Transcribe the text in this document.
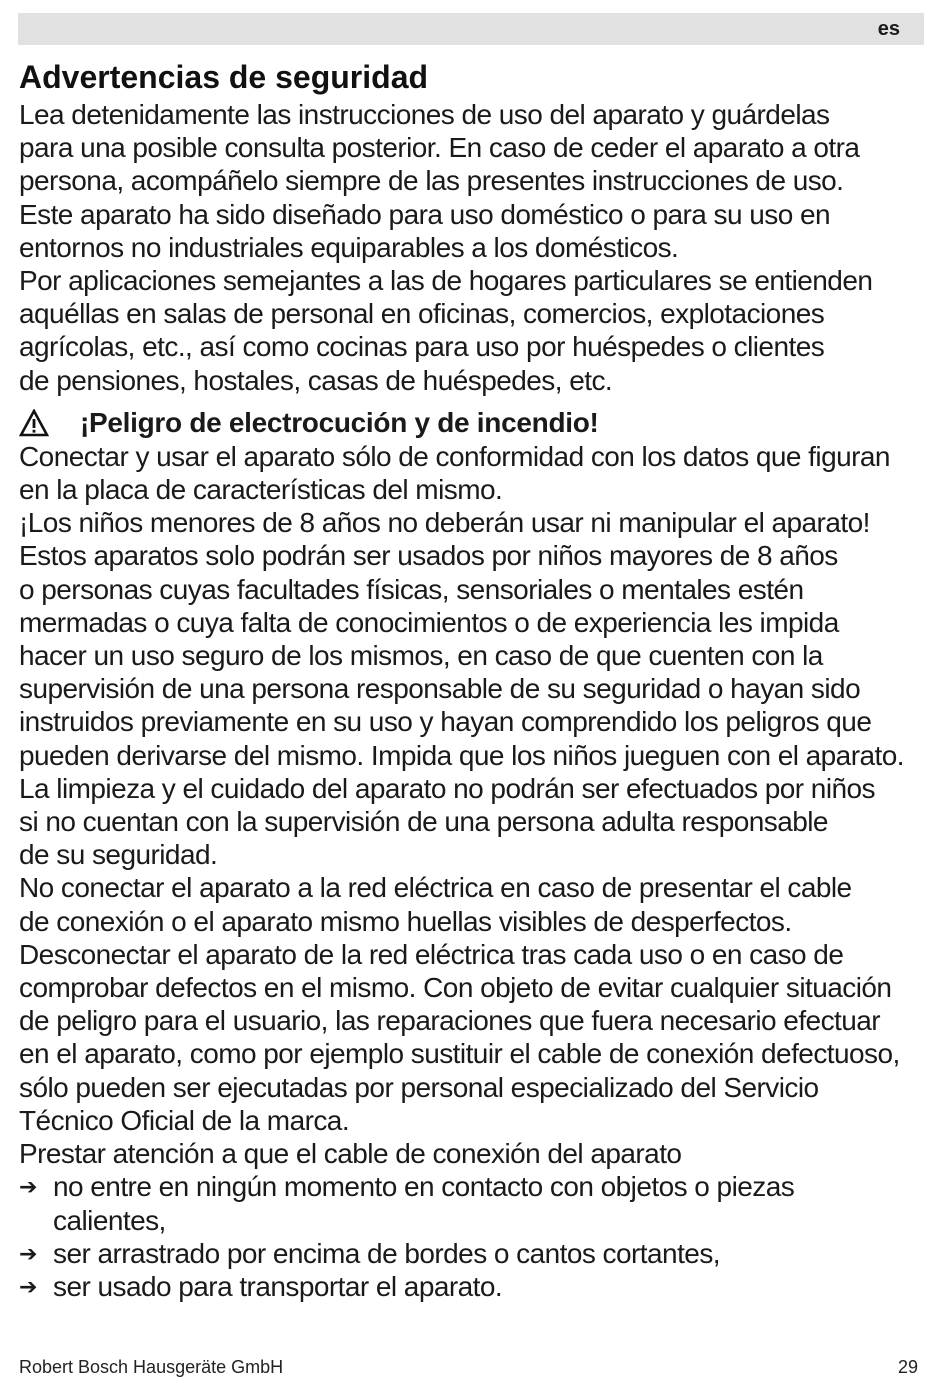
es
Advertencias de seguridad
Lea detenidamente las instrucciones de uso del aparato y guárdelas
para una posible consulta posterior. En caso de ceder el aparato a otra
persona, acompáñelo siempre de las presentes instrucciones de uso.
Este aparato ha sido diseñado para uso doméstico o para su uso en
entornos no industriales equiparables a los domésticos.
Por aplicaciones semejantes a las de hogares particulares se entienden
aquéllas en salas de personal en oficinas, comercios, explotaciones
agrícolas, etc., así como cocinas para uso por huéspedes o clientes
de pensiones, hostales, casas de huéspedes, etc.
¡Peligro de electrocución y de incendio!
Conectar y usar el aparato sólo de conformidad con los datos que figuran
en la placa de características del mismo.
¡Los niños menores de 8 años no deberán usar ni manipular el aparato!
Estos aparatos solo podrán ser usados por niños mayores de 8 años
o personas cuyas facultades físicas, sensoriales o mentales estén
mermadas o cuya falta de conocimientos o de experiencia les impida
hacer un uso seguro de los mismos, en caso de que cuenten con la
supervisión de una persona responsable de su seguridad o hayan sido
instruidos previamente en su uso y hayan comprendido los peligros que
pueden derivarse del mismo. Impida que los niños jueguen con el aparato.
La limpieza y el cuidado del aparato no podrán ser efectuados por niños
si no cuentan con la supervisión de una persona adulta responsable
de su seguridad.
No conectar el aparato a la red eléctrica en caso de presentar el cable
de conexión o el aparato mismo huellas visibles de desperfectos.
Desconectar el aparato de la red eléctrica tras cada uso o en caso de
comprobar defectos en el mismo. Con objeto de evitar cualquier situación
de peligro para el usuario, las reparaciones que fuera necesario efectuar
en el aparato, como por ejemplo sustituir el cable de conexión defectuoso,
sólo pueden ser ejecutadas por personal especializado del Servicio
Técnico Oficial de la marca.
Prestar atención a que el cable de conexión del aparato
➔ no entre en ningún momento en contacto con objetos o piezas
calientes,
➔ ser arrastrado por encima de bordes o cantos cortantes,
➔ ser usado para transportar el aparato.
Robert Bosch Hausgeräte GmbH	29
